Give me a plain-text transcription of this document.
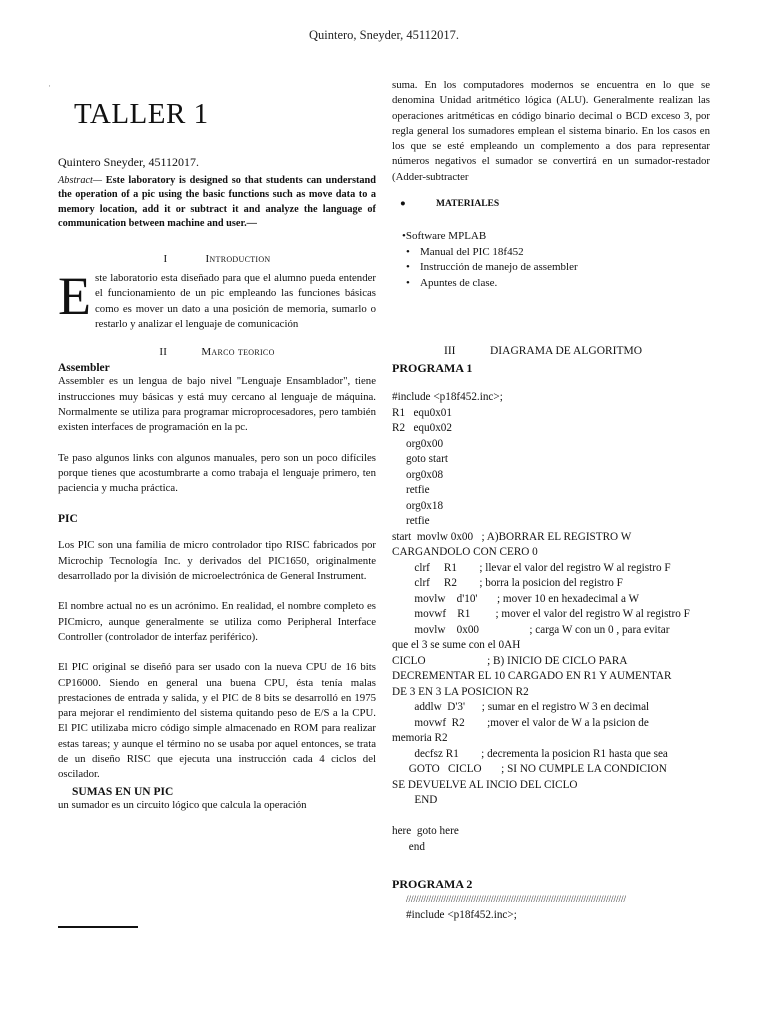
Quintero, Sneyder, 45112017.
·
TALLER 1
Quintero Sneyder, 45112017.

Abstract— Este laboratory is designed so that students can understand the operation of a pic using the basic functions such as move data to a memory location, add it or subtract it and analyze the language of communication between machine and user.—

I	Introduction

Este laboratorio esta diseñado para que el alumno pueda entender el funcionamiento de un pic empleando las funciones básicas como es mover un dato a una posición de memoria, sumarlo o restarlo y analizar el lenguaje de comunicación

II	Marco teorico
Assembler

Assembler es un lengua de bajo nivel "Lenguaje Ensamblador", tiene instrucciones muy básicas y está muy cercano al lenguaje de máquina. Normalmente se utiliza para programar microprocesadores, pero también existen interfaces de programación en la pc.

Te paso algunos links con algunos manuales, pero son un poco difíciles porque tienes que acostumbrarte a como trabaja el lenguaje primero, ten paciencia y mucha práctica.

PIC

Los PIC son una familia de micro controlador tipo RISC fabricados por Microchip Tecnología Inc. y derivados del PIC1650, originalmente desarrollado por la división de microelectrónica de General Instrument.

El nombre actual no es un acrónimo. En realidad, el nombre completo es PICmicro, aunque generalmente se utiliza como Peripheral Interface Controller (controlador de interfaz periférico).

El PIC original se diseñó para ser usado con la nueva CPU de 16 bits CP16000. Siendo en general una buena CPU, ésta tenía malas prestaciones de entrada y salida, y el PIC de 8 bits se desarrolló en 1975 para mejorar el rendimiento del sistema quitando peso de E/S a la CPU. El PIC utilizaba micro código simple almacenado en ROM para realizar estas tareas; y aunque el término no se usaba por aquel entonces, se trata de un diseño RISC que ejecuta una instrucción cada 4 ciclos del oscilador.

SUMAS EN UN PIC

un sumador es un circuito lógico que calcula la operación

suma. En los computadores modernos se encuentra en lo que se denomina Unidad aritmético lógica (ALU). Generalmente realizan las operaciones aritméticas en código binario decimal o BCD exceso 3, por regla general los sumadores emplean el sistema binario. En los casos en los que se esté empleando un complemento a dos para representar números negativos el sumador se convertirá en un sumador-restador (Adder-subtracter

●	MATERIALES
•Software MPLAB
• Manual del PIC 18f452
• Instrucción de manejo de assembler
• Apuntes de clase.
III	DIAGRAMA DE ALGORITMO
PROGRAMA 1
#include <p18f452.inc>;
R1   equ0x01
R2   equ0x02
org0x00
goto start
org0x08
retfie
org0x18
retfie
start  movlw 0x00   ; A)BORRAR EL REGISTRO W
CARGANDOLO CON CERO 0
clrf     R1        ; llevar el valor del registro W al registro F
clrf     R2        ; borra la posicion del registro F
movlw    d'10'       ; mover 10 en hexadecimal a W
movwf    R1         ; mover el valor del registro W al registro F
movlw    0x00                  ; carga W con un 0 , para evitar
que el 3 se sume con el 0AH
CICLO                      ; B) INICIO DE CICLO PARA
DECREMENTAR EL 10 CARGADO EN R1 Y AUMENTAR
DE 3 EN 3 LA POSICION R2
addlw  D'3'      ; sumar en el registro W 3 en decimal
movwf  R2        ;mover el valor de W a la psicion de
memoria R2
decfsz R1        ; decrementa la posicion R1 hasta que sea
GOTO   CICLO       ; SI NO CUMPLE LA CONDICION
SE DEVUELVE AL INCIO DEL CICLO
END

here  goto here
end
PROGRAMA 2
////////////////////////////////////////////////////////////////////////////////////////
#include <p18f452.inc>;
